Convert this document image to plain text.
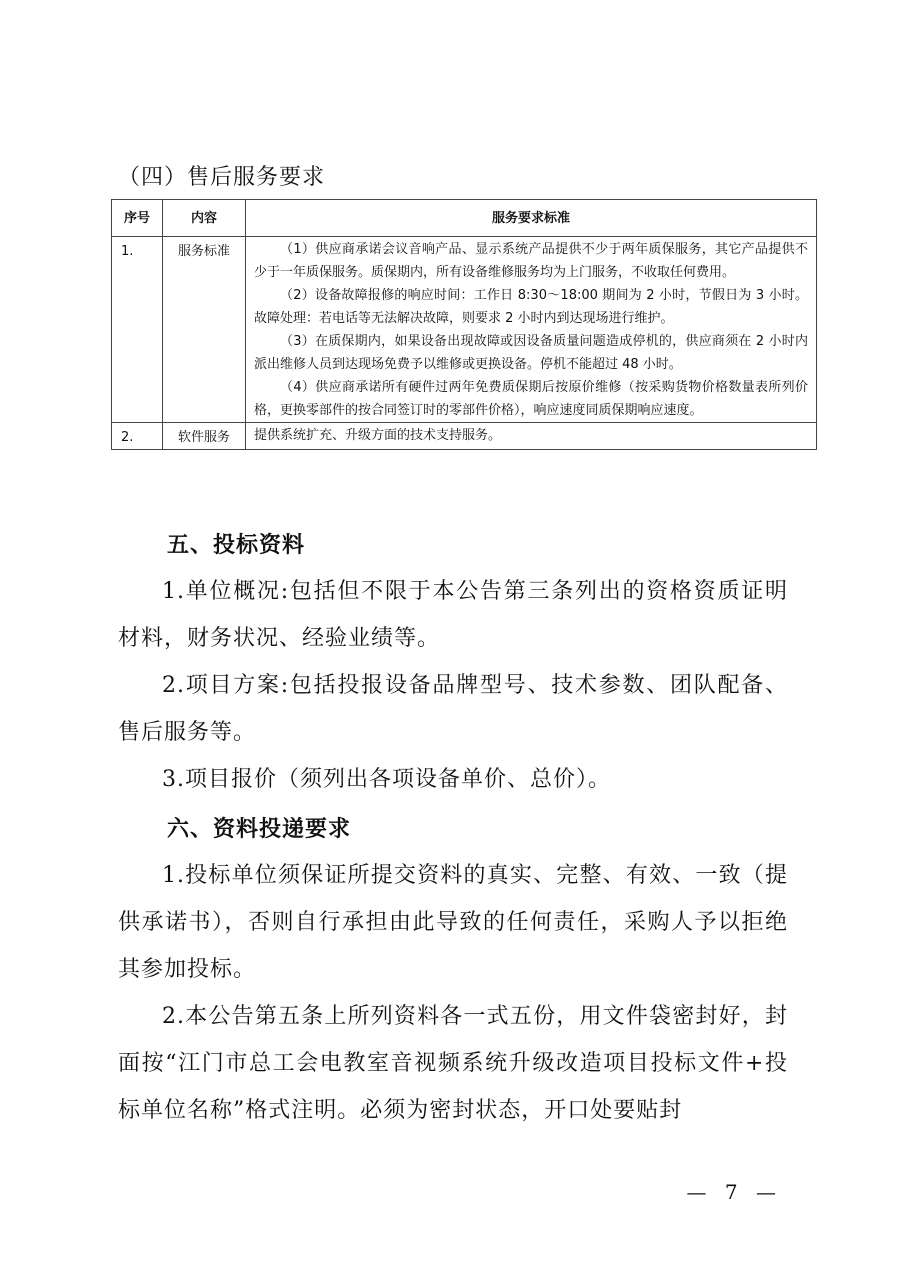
（四）售后服务要求
序号	内容	服务要求标准
1.	服务标准	（1）供应商承诺会议音响产品、显示系统产品提供不少于两年质保服务，其它产品提供不少于一年质保服务。质保期内，所有设备维修服务均为上门服务，不收取任何费用。

（2）设备故障报修的响应时间：工作日 8:30～18:00 期间为 2 小时，节假日为 3 小时。故障处理：若电话等无法解决故障，则要求 2 小时内到达现场进行维护。

（3）在质保期内，如果设备出现故障或因设备质量问题造成停机的，供应商须在 2 小时内派出维修人员到达现场免费予以维修或更换设备。停机不能超过 48 小时。

（4）供应商承诺所有硬件过两年免费质保期后按原价维修（按采购货物价格数量表所列价格，更换零部件的按合同签订时的零部件价格），响应速度同质保期响应速度。

2.	软件服务	提供系统扩充、升级方面的技术支持服务。

五、投标资料

1.单位概况:包括但不限于本公告第三条列出的资格资质证明材料，财务状况、经验业绩等。

2.项目方案:包括投报设备品牌型号、技术参数、团队配备、售后服务等。

3.项目报价（须列出各项设备单价、总价）。

六、资料投递要求

1.投标单位须保证所提交资料的真实、完整、有效、一致（提供承诺书），否则自行承担由此导致的任何责任，采购人予以拒绝其参加投标。

2.本公告第五条上所列资料各一式五份，用文件袋密封好，封面按“江门市总工会电教室音视频系统升级改造项目投标文件+投标单位名称”格式注明。必须为密封状态，开口处要贴封

— 7 —
